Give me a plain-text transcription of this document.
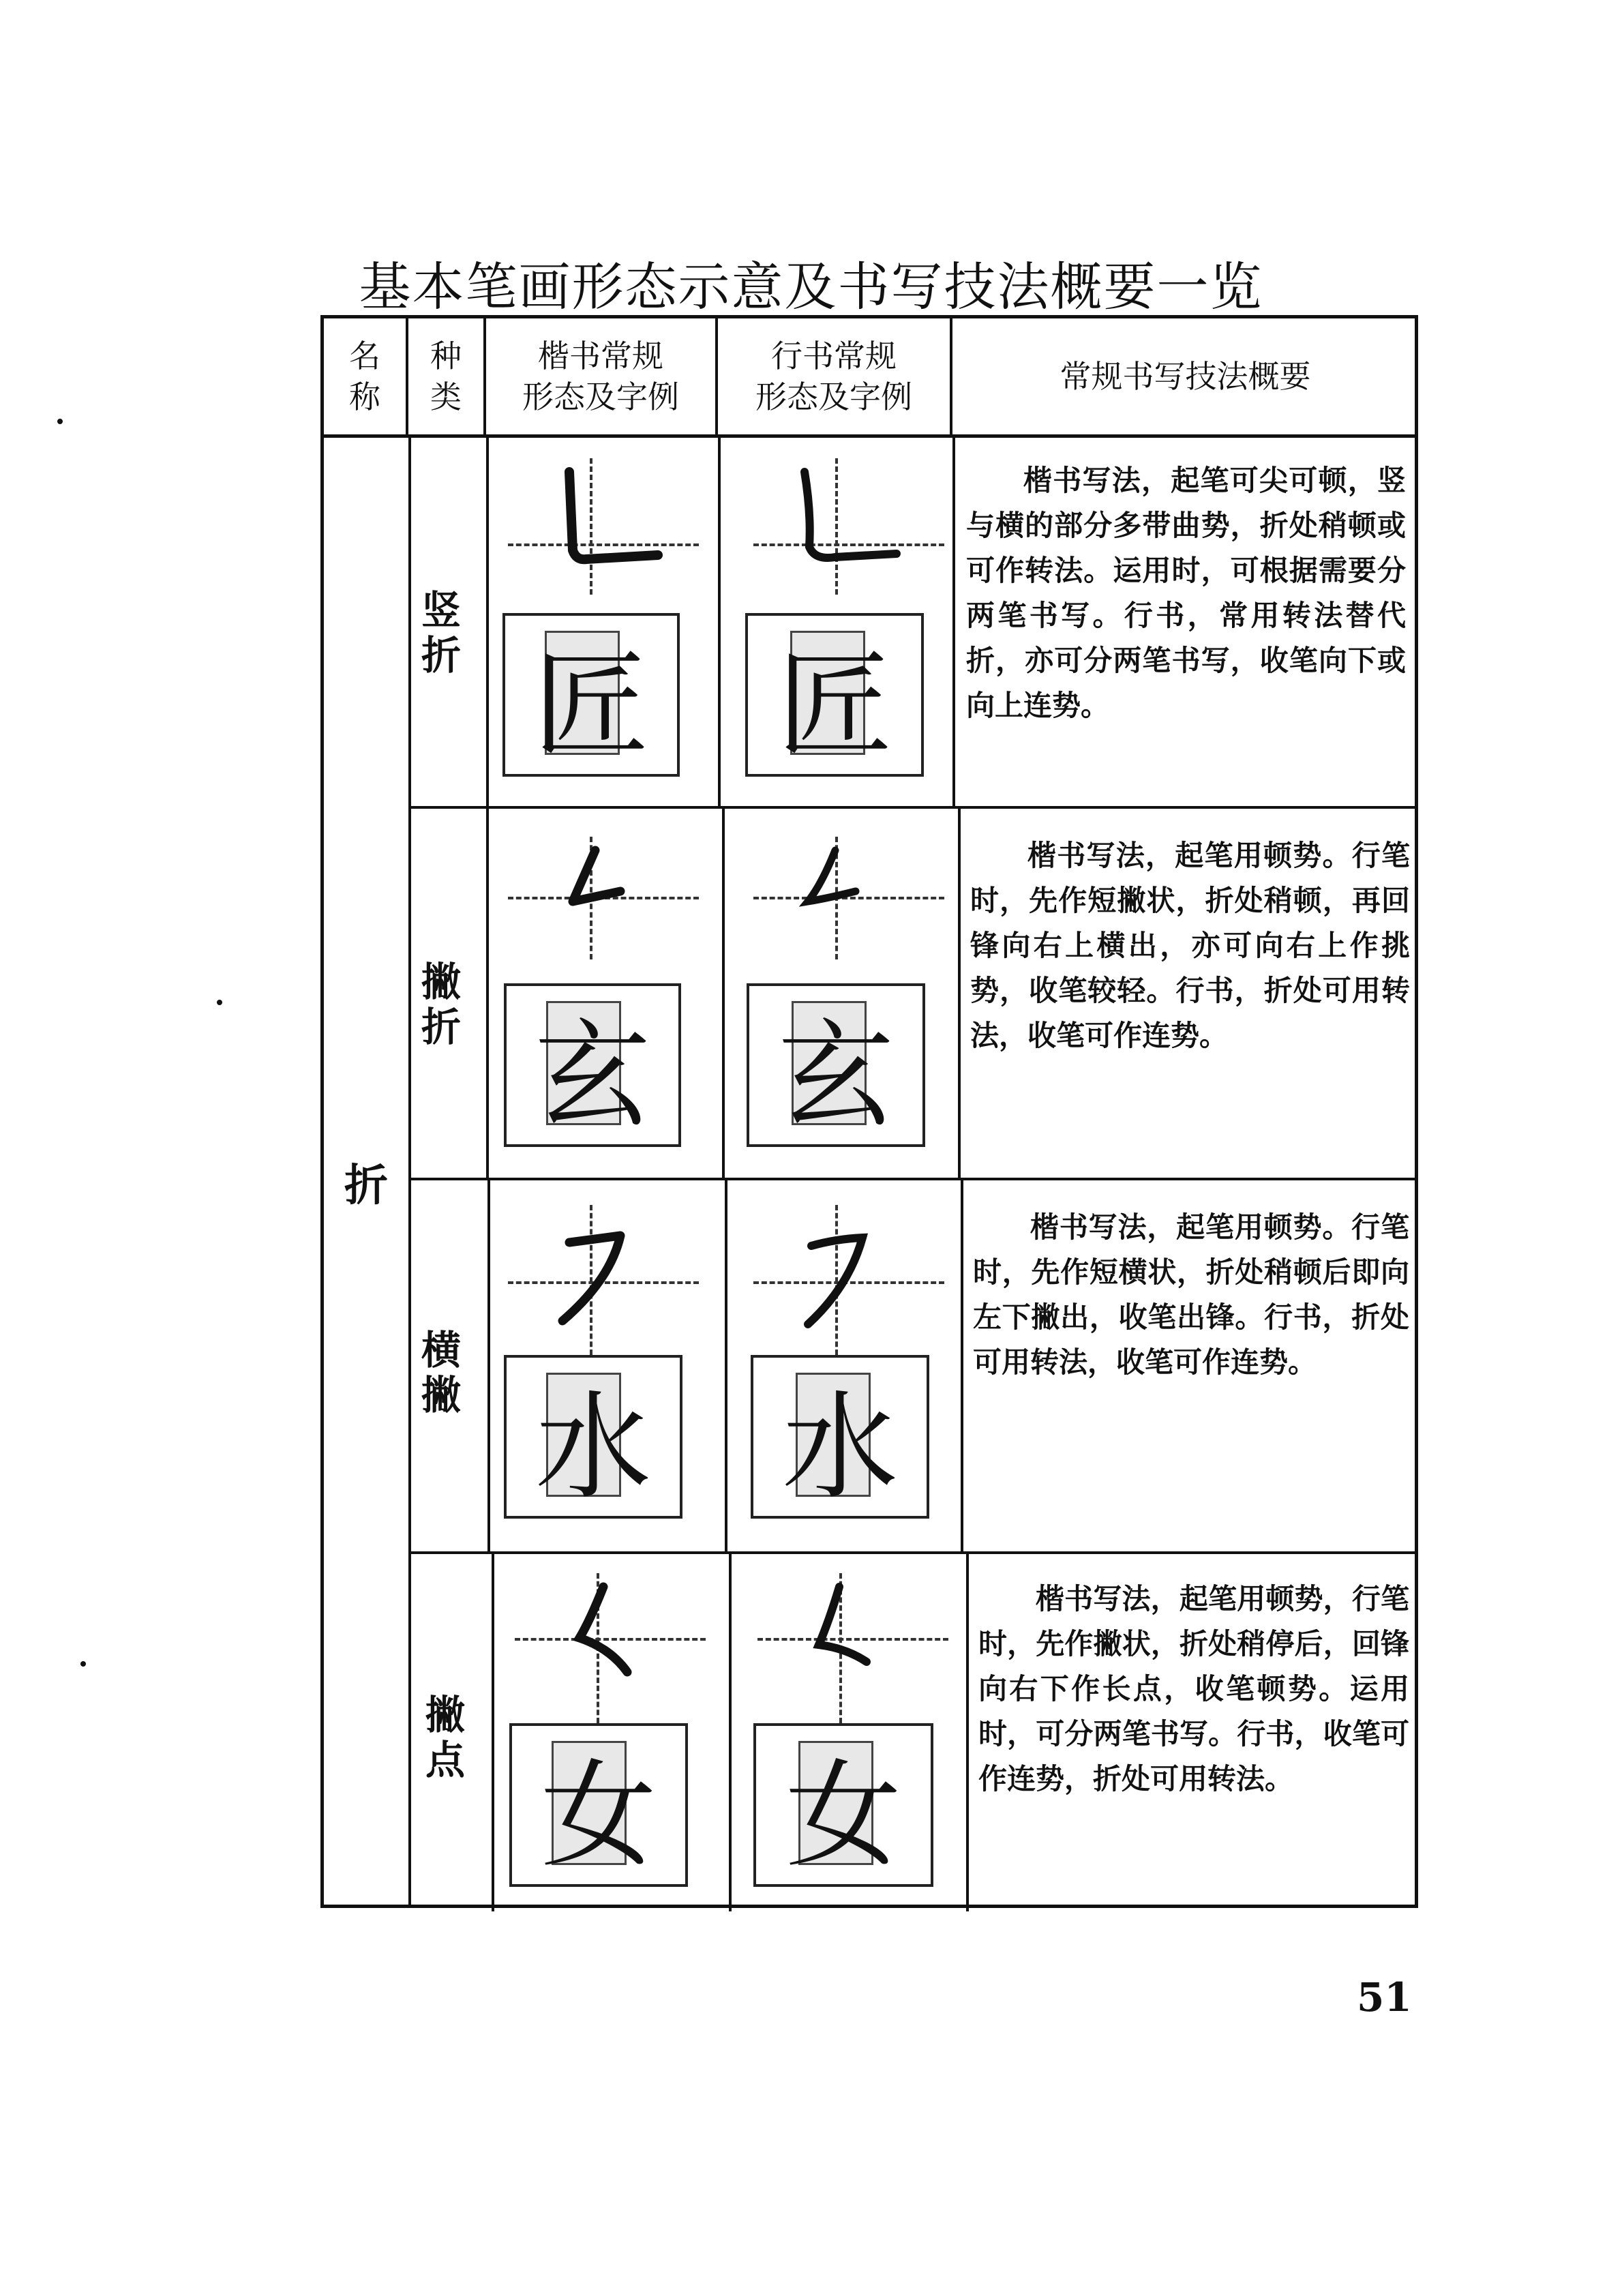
基本笔画形态示意及书写技法概要一览
名
称
种
类
楷书常规
形态及字例
行书常规
形态及字例
常规书写技法概要
折
竖
折 匠 匠
楷书写法，起笔可尖可顿，竖与横的部分多带曲势，折处稍顿或可作转法。运用时，可根据需要分两笔书写。行书，常用转法替代折，亦可分两笔书写，收笔向下或向上连势。
撇
折 玄 玄
楷书写法，起笔用顿势。行笔时，先作短撇状，折处稍顿，再回锋向右上横出，亦可向右上作挑势，收笔较轻。行书，折处可用转法，收笔可作连势。
横
撇 水 水
楷书写法，起笔用顿势。行笔时，先作短横状，折处稍顿后即向左下撇出，收笔出锋。行书，折处可用转法，收笔可作连势。
撇
点 女 女
楷书写法，起笔用顿势，行笔时，先作撇状，折处稍停后，回锋向右下作长点，收笔顿势。运用时，可分两笔书写。行书，收笔可作连势，折处可用转法。
51
